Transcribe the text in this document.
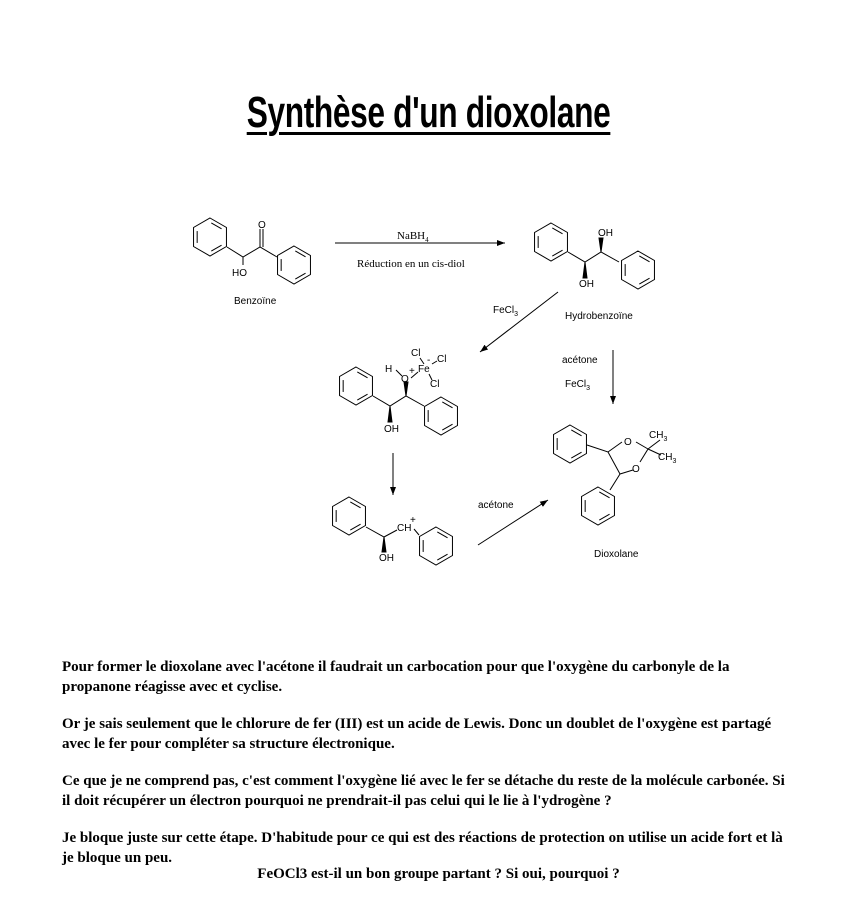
Synthèse d'un dioxolane
O
HO
Benzoïne
NaBH$_4$
Réduction en un cis-diol
OH
OH
Hydrobenzoïne
FeCl$_3$
acétone
FeCl$_3$
H
O
+ Fe
-
Cl
Cl
Cl
OH
CH
+
OH
acétone
O
O
$CH_3$
$CH_3$
Dioxolane
Pour former le dioxolane avec l'acétone il faudrait un carbocation pour que l'oxygène du carbonyle de la propanone réagisse avec et cyclise.
Or je sais seulement que le chlorure de fer (III) est un acide de Lewis. Donc un doublet de l'oxygène est partagé avec le fer pour compléter sa structure électronique.
Ce que je ne comprend pas, c'est comment l'oxygène lié avec le fer se détache du reste de la molécule carbonée. Si il doit récupérer un électron pourquoi ne prendrait-il pas celui qui le lie à l'ydrogène ?
Je bloque juste sur cette étape. D'habitude pour ce qui est des réactions de protection on utilise un acide fort et là je bloque un peu.
FeOCl3 est-il un bon groupe partant ? Si oui, pourquoi ?
